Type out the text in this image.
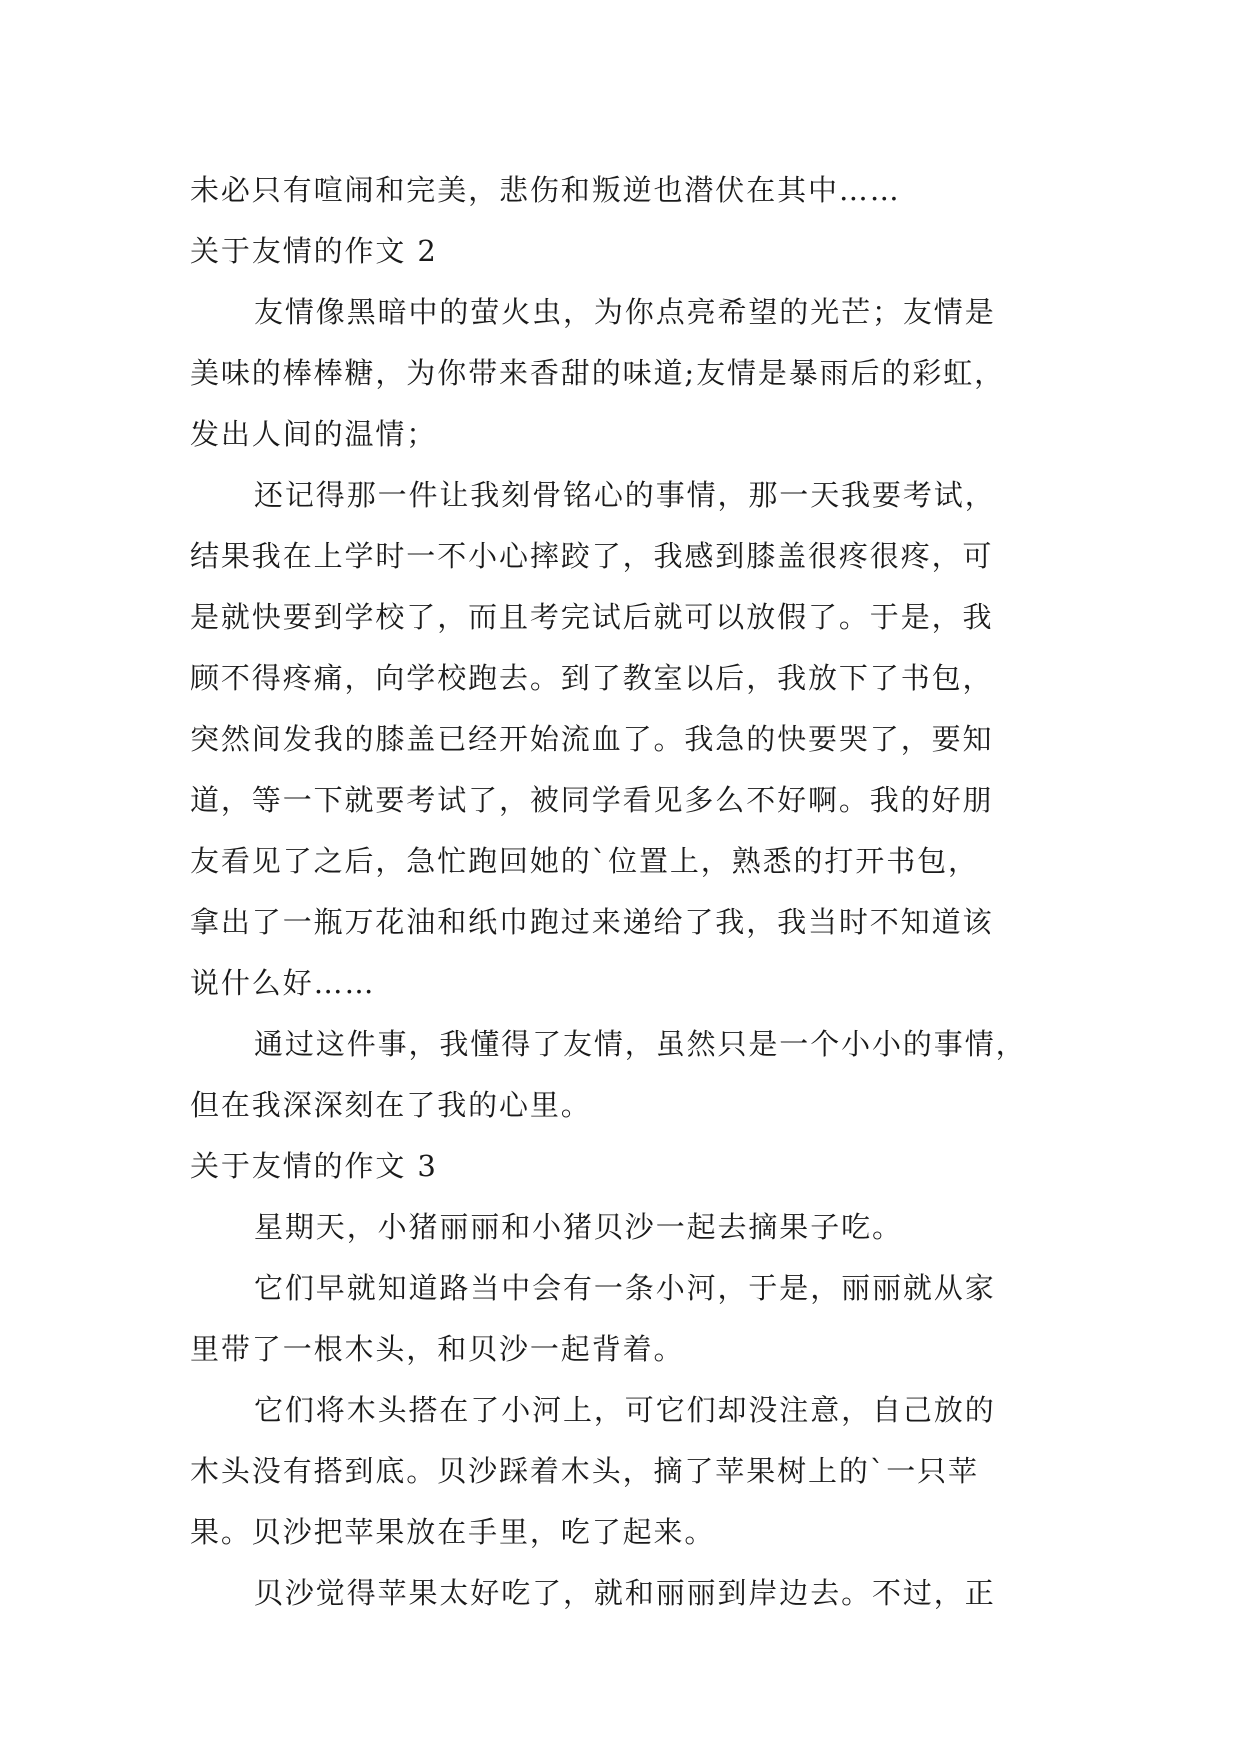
未必只有喧闹和完美，悲伤和叛逆也潜伏在其中……
关于友情的作文 2
友情像黑暗中的萤火虫，为你点亮希望的光芒；友情是
美味的棒棒糖，为你带来香甜的味道;友情是暴雨后的彩虹，
发出人间的温情；
还记得那一件让我刻骨铭心的事情，那一天我要考试，
结果我在上学时一不小心摔跤了，我感到膝盖很疼很疼，可
是就快要到学校了，而且考完试后就可以放假了。于是，我
顾不得疼痛，向学校跑去。到了教室以后，我放下了书包，
突然间发我的膝盖已经开始流血了。我急的快要哭了，要知
道，等一下就要考试了，被同学看见多么不好啊。我的好朋
友看见了之后，急忙跑回她的`位置上，熟悉的打开书包，
拿出了一瓶万花油和纸巾跑过来递给了我，我当时不知道该
说什么好……
通过这件事，我懂得了友情，虽然只是一个小小的事情，
但在我深深刻在了我的心里。
关于友情的作文 3
星期天，小猪丽丽和小猪贝沙一起去摘果子吃。
它们早就知道路当中会有一条小河，于是，丽丽就从家
里带了一根木头，和贝沙一起背着。
它们将木头搭在了小河上，可它们却没注意，自己放的
木头没有搭到底。贝沙踩着木头，摘了苹果树上的`一只苹
果。贝沙把苹果放在手里，吃了起来。
贝沙觉得苹果太好吃了，就和丽丽到岸边去。不过，正
